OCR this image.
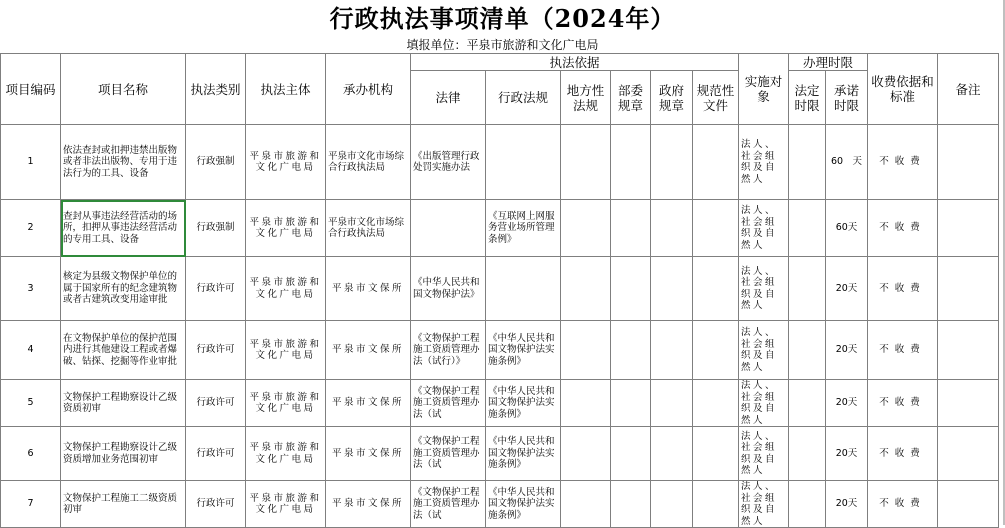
行政执法事项清单（2024年）
填报单位：平泉市旅游和文化广电局
项目编码	项目名称	执法类别	执法主体	承办机构	执法依据						实施对象	办理时限		收费依据和标准	备注
					法律	行政法规	地方性法规	部委规章	政府规章	规范性文件		法定时限	承诺时限		
1	依法查封或扣押违禁出版物或者非法出版物、专用于违法行为的工具、设备	行政强制	平泉市旅游和文化广电局	平泉市文化市场综合行政执法局	《出版管理行政处罚实施办法						法人、社会组织及自然人		60　天	不收费	
2	查封从事违法经营活动的场所，扣押从事违法经营活动的专用工具、设备	行政强制	平泉市旅游和文化广电局	平泉市文化市场综合行政执法局		《互联网上网服务营业场所管理条例》					法人、社会组织及自然人		60天	不收费	
3	核定为县级文物保护单位的属于国家所有的纪念建筑物或者古建筑改变用途审批	行政许可	平泉市旅游和文化广电局	平泉市文保所	《中华人民共和国文物保护法》						法人、社会组织及自然人		20天	不收费	
4	在文物保护单位的保护范围内进行其他建设工程或者爆破、钻探、挖掘等作业审批	行政许可	平泉市旅游和文化广电局	平泉市文保所	《文物保护工程施工资质管理办法（试行）》	《中华人民共和国文物保护法实施条例》					法人、社会组织及自然人		20天	不收费	
5	文物保护工程勘察设计乙级资质初审	行政许可	平泉市旅游和文化广电局	平泉市文保所	《文物保护工程施工资质管理办法（试	《中华人民共和国文物保护法实施条例》					法人、社会组织及自然人		20天	不收费	
6	文物保护工程勘察设计乙级资质增加业务范围初审	行政许可	平泉市旅游和文化广电局	平泉市文保所	《文物保护工程施工资质管理办法（试	《中华人民共和国文物保护法实施条例》					法人、社会组织及自然人		20天	不收费	
7	文物保护工程施工二级资质初审	行政许可	平泉市旅游和文化广电局	平泉市文保所	《文物保护工程施工资质管理办法（试	《中华人民共和国文物保护法实施条例》					法人、社会组织及自然人		20天	不收费	
